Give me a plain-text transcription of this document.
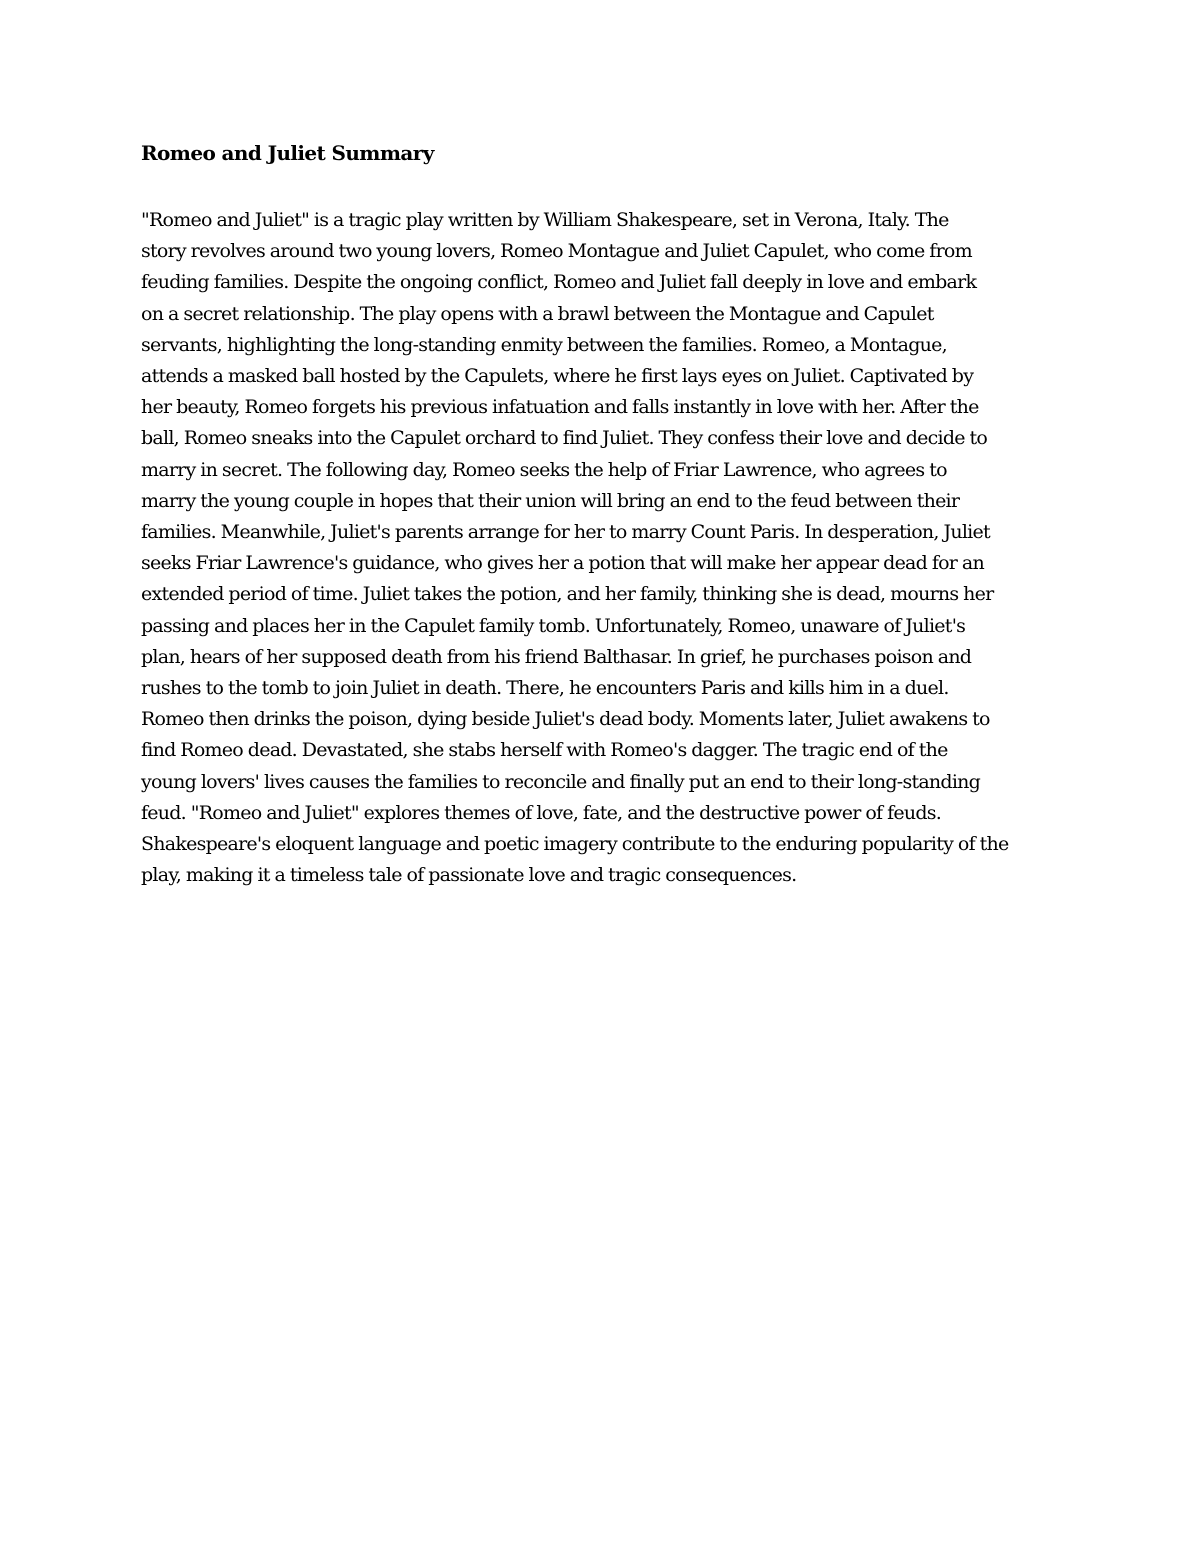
Romeo and Juliet Summary
"Romeo and Juliet" is a tragic play written by William Shakespeare, set in Verona, Italy. The
story revolves around two young lovers, Romeo Montague and Juliet Capulet, who come from
feuding families. Despite the ongoing conflict, Romeo and Juliet fall deeply in love and embark
on a secret relationship. The play opens with a brawl between the Montague and Capulet
servants, highlighting the long-standing enmity between the families. Romeo, a Montague,
attends a masked ball hosted by the Capulets, where he first lays eyes on Juliet. Captivated by
her beauty, Romeo forgets his previous infatuation and falls instantly in love with her. After the
ball, Romeo sneaks into the Capulet orchard to find Juliet. They confess their love and decide to
marry in secret. The following day, Romeo seeks the help of Friar Lawrence, who agrees to
marry the young couple in hopes that their union will bring an end to the feud between their
families. Meanwhile, Juliet's parents arrange for her to marry Count Paris. In desperation, Juliet
seeks Friar Lawrence's guidance, who gives her a potion that will make her appear dead for an
extended period of time. Juliet takes the potion, and her family, thinking she is dead, mourns her
passing and places her in the Capulet family tomb. Unfortunately, Romeo, unaware of Juliet's
plan, hears of her supposed death from his friend Balthasar. In grief, he purchases poison and
rushes to the tomb to join Juliet in death. There, he encounters Paris and kills him in a duel.
Romeo then drinks the poison, dying beside Juliet's dead body. Moments later, Juliet awakens to
find Romeo dead. Devastated, she stabs herself with Romeo's dagger. The tragic end of the
young lovers' lives causes the families to reconcile and finally put an end to their long-standing
feud. "Romeo and Juliet" explores themes of love, fate, and the destructive power of feuds.
Shakespeare's eloquent language and poetic imagery contribute to the enduring popularity of the
play, making it a timeless tale of passionate love and tragic consequences.
